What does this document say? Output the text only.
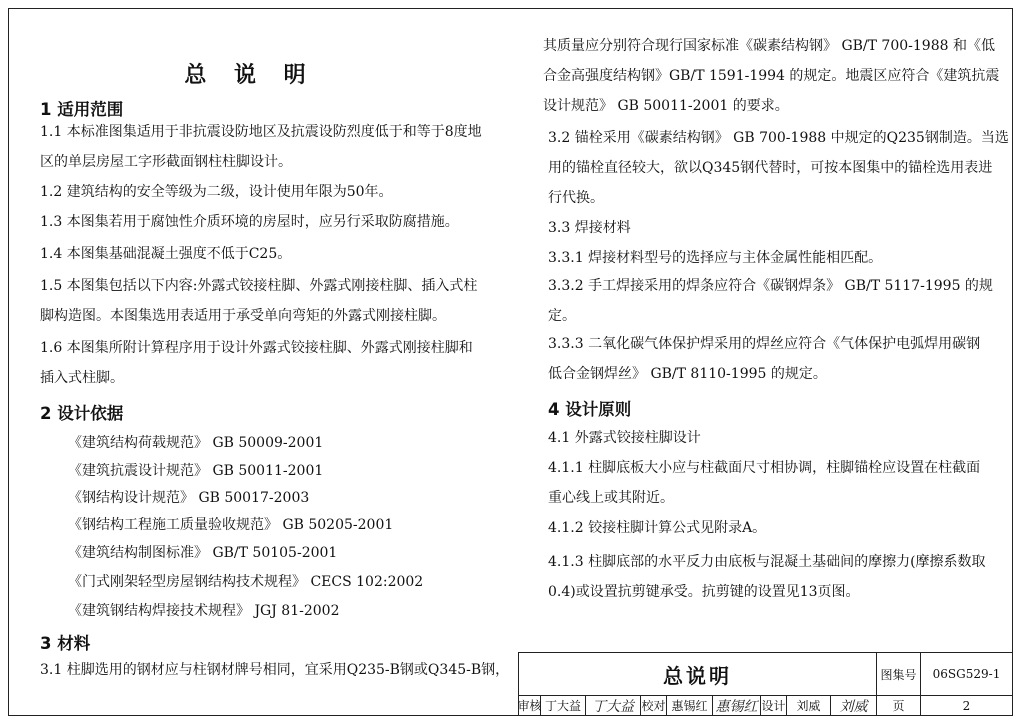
总 说 明
1 适用范围
1.1 本标准图集适用于非抗震设防地区及抗震设防烈度低于和等于8度地
区的单层房屋工字形截面钢柱柱脚设计。
1.2 建筑结构的安全等级为二级，设计使用年限为50年。
1.3 本图集若用于腐蚀性介质环境的房屋时，应另行采取防腐措施。
1.4 本图集基础混凝土强度不低于C25。
1.5 本图集包括以下内容:外露式铰接柱脚、外露式刚接柱脚、插入式柱
脚构造图。本图集选用表适用于承受单向弯矩的外露式刚接柱脚。
1.6 本图集所附计算程序用于设计外露式铰接柱脚、外露式刚接柱脚和
插入式柱脚。
2 设计依据
《建筑结构荷载规范》 GB 50009-2001
《建筑抗震设计规范》 GB 50011-2001
《钢结构设计规范》 GB 50017-2003
《钢结构工程施工质量验收规范》 GB 50205-2001
《建筑结构制图标准》 GB/T 50105-2001
《门式刚架轻型房屋钢结构技术规程》 CECS 102:2002
《建筑钢结构焊接技术规程》 JGJ 81-2002
3 材料
3.1 柱脚选用的钢材应与柱钢材牌号相同，宜采用Q235-B钢或Q345-B钢，
其质量应分别符合现行国家标准《碳素结构钢》 GB/T 700-1988 和《低
合金高强度结构钢》GB/T 1591-1994 的规定。地震区应符合《建筑抗震
设计规范》 GB 50011-2001 的要求。
3.2 锚栓采用《碳素结构钢》 GB 700-1988 中规定的Q235钢制造。当选
用的锚栓直径较大，欲以Q345钢代替时，可按本图集中的锚栓选用表进
行代换。
3.3 焊接材料
3.3.1 焊接材料型号的选择应与主体金属性能相匹配。
3.3.2 手工焊接采用的焊条应符合《碳钢焊条》 GB/T 5117-1995 的规
定。
3.3.3 二氧化碳气体保护焊采用的焊丝应符合《气体保护电弧焊用碳钢
低合金钢焊丝》 GB/T 8110-1995 的规定。
4 设计原则
4.1 外露式铰接柱脚设计
4.1.1 柱脚底板大小应与柱截面尺寸相协调，柱脚锚栓应设置在柱截面
重心线上或其附近。
4.1.2 铰接柱脚计算公式见附录A。
4.1.3 柱脚底部的水平反力由底板与混凝土基础间的摩擦力(摩擦系数取
0.4)或设置抗剪键承受。抗剪键的设置见13页图。
总说明	图集号	06SG529-1
审核 丁大益 丁大益 校对 惠锡红 惠锡红 设计 刘威	刘威	页	2
